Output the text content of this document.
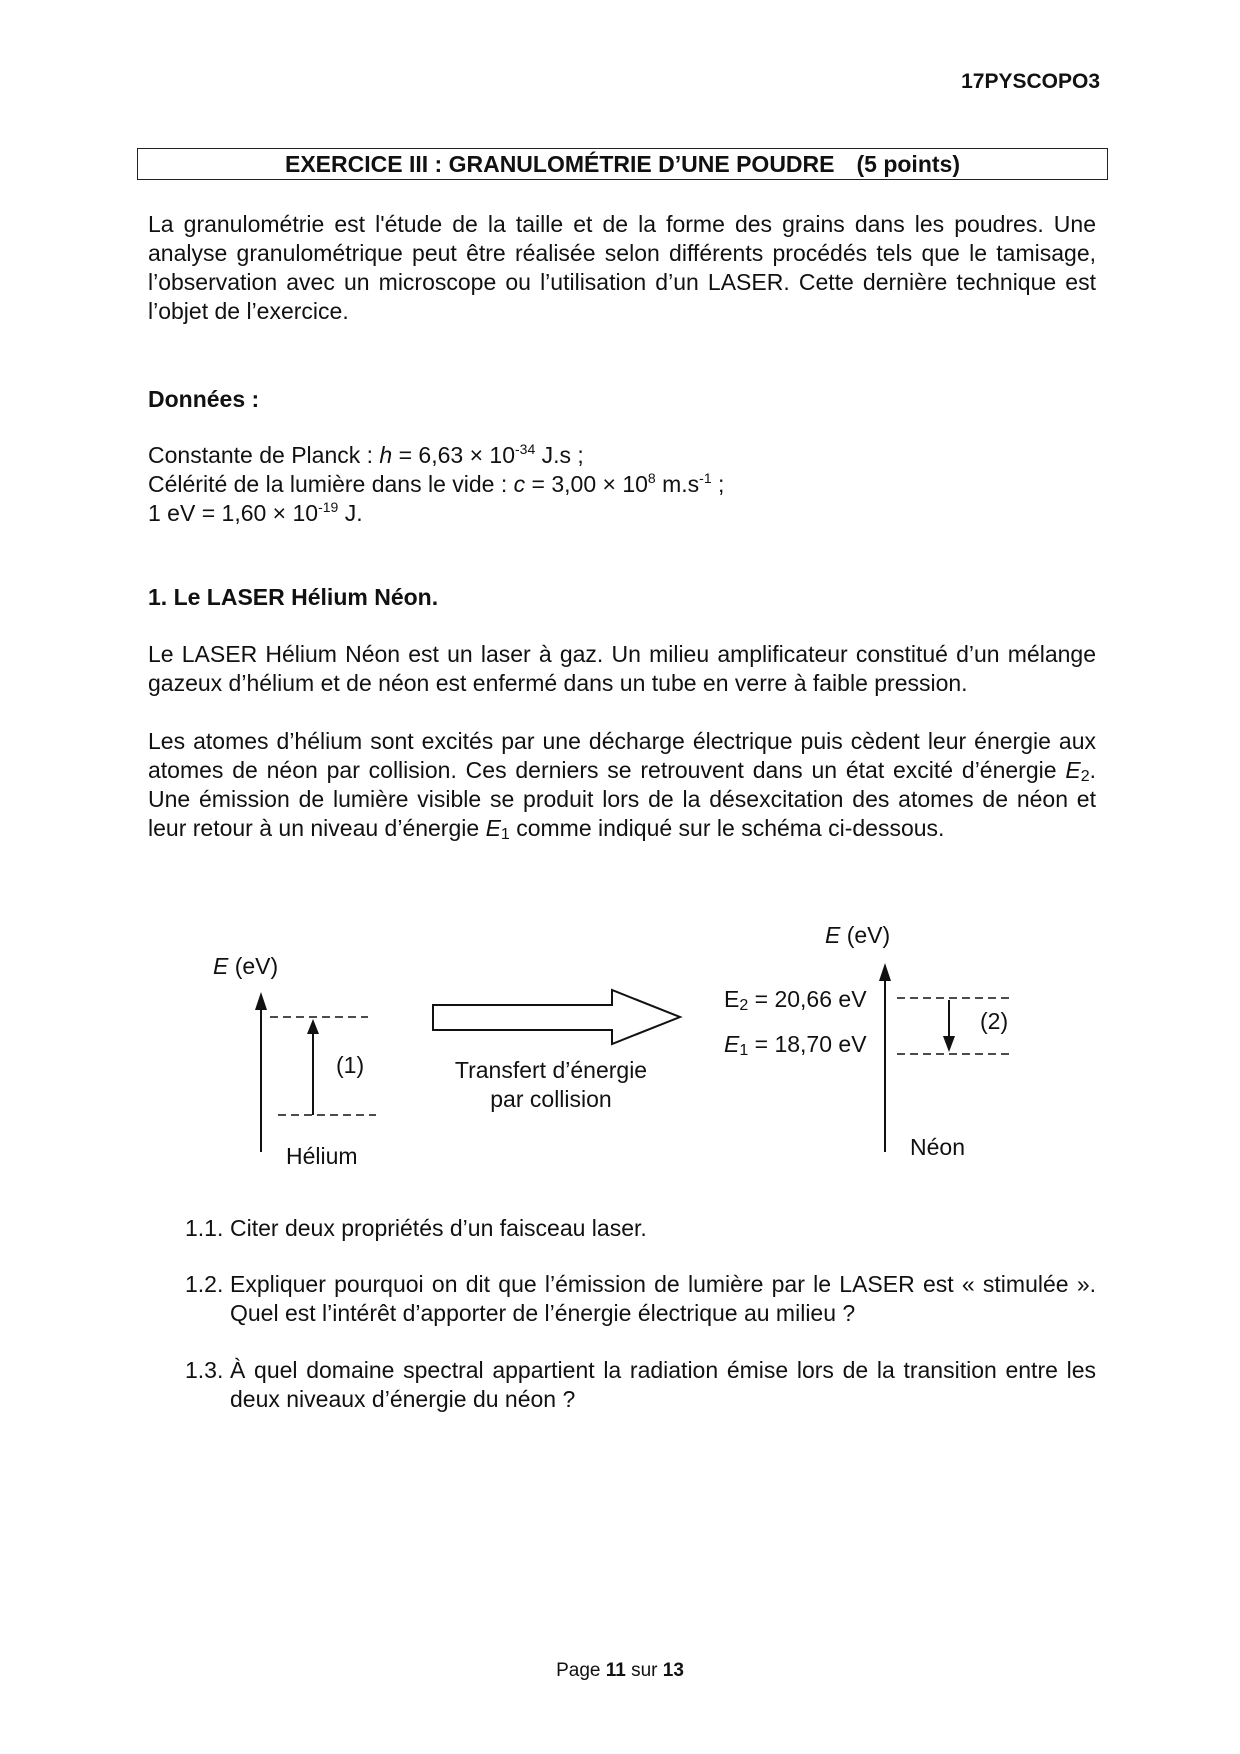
17PYSCOPO3
EXERCICE III : GRANULOMÉTRIE D’UNE POUDRE (5 points)
La granulométrie est l'étude de la taille et de la forme des grains dans les poudres. Une analyse granulométrique peut être réalisée selon différents procédés tels que le tamisage, l’observation avec un microscope ou l’utilisation d’un LASER. Cette dernière technique est l’objet de l’exercice.
Données :
Constante de Planck : $h = 6,63 \times 10^{-34}$ J.s ;
Célérité de la lumière dans le vide : $c = 3,00 \times 10^8$ $m.s^{-1}$ ;
1 eV = $1,60 \times 10^{-19}$ J.
1. Le LASER Hélium Néon.
Le LASER Hélium Néon est un laser à gaz. Un milieu amplificateur constitué d’un mélange gazeux d’hélium et de néon est enfermé dans un tube en verre à faible pression.
Les atomes d’hélium sont excités par une décharge électrique puis cèdent leur énergie aux atomes de néon par collision. Ces derniers se retrouvent dans un état excité d’énergie $E_2$. Une émission de lumière visible se produit lors de la désexcitation des atomes de néon et leur retour à un niveau d’énergie $E_1$ comme indiqué sur le schéma ci-dessous.
E (eV)
(1)
Hélium
Transfert d’énergie
par collision
E (eV)
$E_2 = 20,66$ eV
$E_1 = 18,70$ eV
(2)
Néon
1.1. Citer deux propriétés d’un faisceau laser.
1.2. Expliquer pourquoi on dit que l’émission de lumière par le LASER est « stimulée ». Quel est l’intérêt d’apporter de l’énergie électrique au milieu ?
1.3. À quel domaine spectral appartient la radiation émise lors de la transition entre les deux niveaux d’énergie du néon ?
Page 11 sur 13
